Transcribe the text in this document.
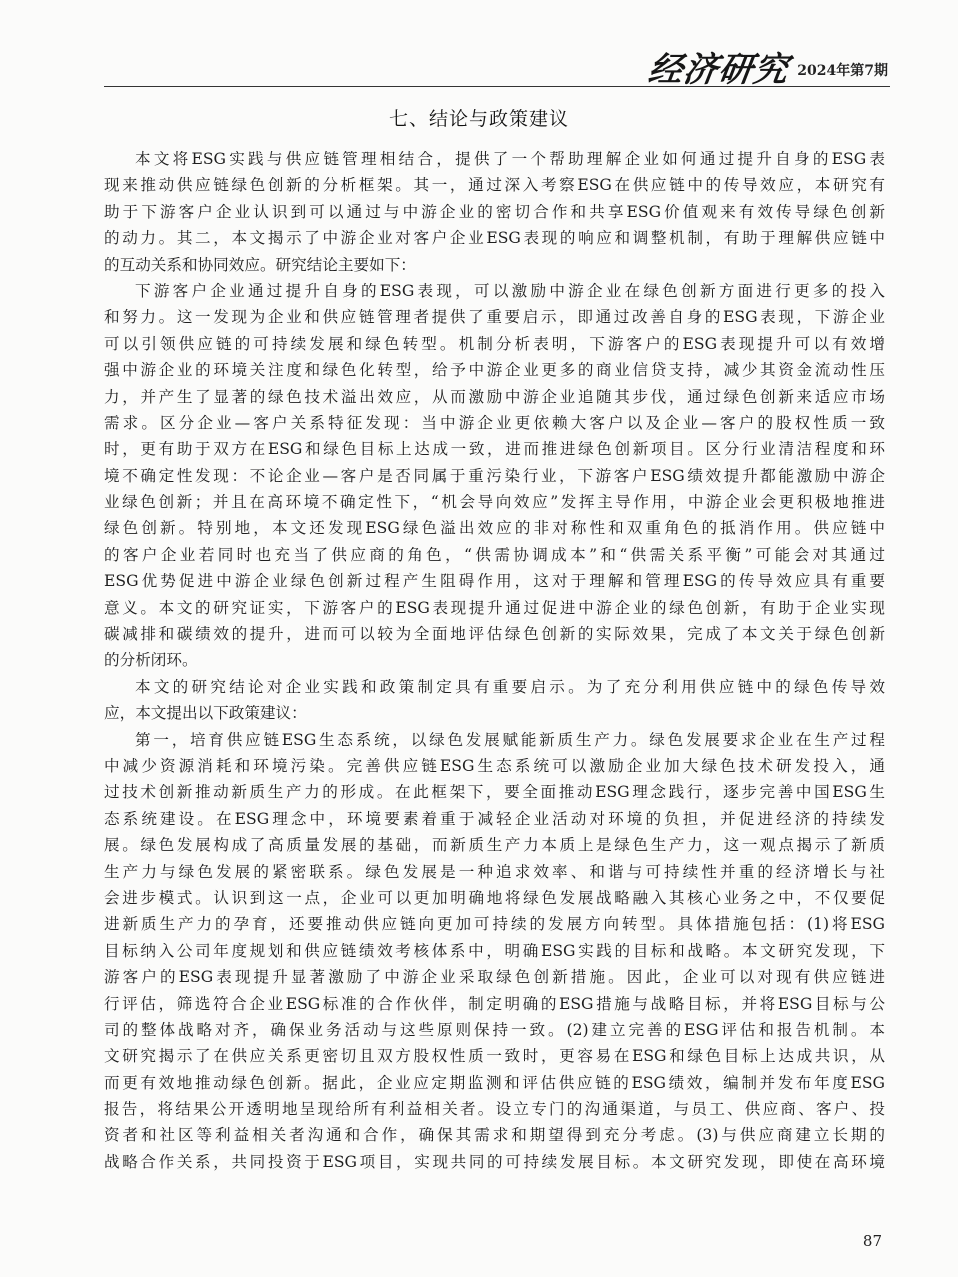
经济研究 2024年第7期
七、结论与政策建议
本文将ESG实践与供应链管理相结合，提供了一个帮助理解企业如何通过提升自身的ESG表
现来推动供应链绿色创新的分析框架。其一，通过深入考察ESG在供应链中的传导效应，本研究有
助于下游客户企业认识到可以通过与中游企业的密切合作和共享ESG价值观来有效传导绿色创新
的动力。其二，本文揭示了中游企业对客户企业ESG表现的响应和调整机制，有助于理解供应链中
的互动关系和协同效应。研究结论主要如下：
下游客户企业通过提升自身的ESG表现，可以激励中游企业在绿色创新方面进行更多的投入
和努力。这一发现为企业和供应链管理者提供了重要启示，即通过改善自身的ESG表现，下游企业
可以引领供应链的可持续发展和绿色转型。机制分析表明，下游客户的ESG表现提升可以有效增
强中游企业的环境关注度和绿色化转型，给予中游企业更多的商业信贷支持，减少其资金流动性压
力，并产生了显著的绿色技术溢出效应，从而激励中游企业追随其步伐，通过绿色创新来适应市场
需求。区分企业—客户关系特征发现：当中游企业更依赖大客户以及企业—客户的股权性质一致
时，更有助于双方在ESG和绿色目标上达成一致，进而推进绿色创新项目。区分行业清洁程度和环
境不确定性发现：不论企业—客户是否同属于重污染行业，下游客户ESG绩效提升都能激励中游企
业绿色创新；并且在高环境不确定性下，“机会导向效应”发挥主导作用，中游企业会更积极地推进
绿色创新。特别地，本文还发现ESG绿色溢出效应的非对称性和双重角色的抵消作用。供应链中
的客户企业若同时也充当了供应商的角色，“供需协调成本”和“供需关系平衡”可能会对其通过
ESG优势促进中游企业绿色创新过程产生阻碍作用，这对于理解和管理ESG的传导效应具有重要
意义。本文的研究证实，下游客户的ESG表现提升通过促进中游企业的绿色创新，有助于企业实现
碳减排和碳绩效的提升，进而可以较为全面地评估绿色创新的实际效果，完成了本文关于绿色创新
的分析闭环。
本文的研究结论对企业实践和政策制定具有重要启示。为了充分利用供应链中的绿色传导效
应，本文提出以下政策建议：
第一，培育供应链ESG生态系统，以绿色发展赋能新质生产力。绿色发展要求企业在生产过程
中减少资源消耗和环境污染。完善供应链ESG生态系统可以激励企业加大绿色技术研发投入，通
过技术创新推动新质生产力的形成。在此框架下，要全面推动ESG理念践行，逐步完善中国ESG生
态系统建设。在ESG理念中，环境要素着重于减轻企业活动对环境的负担，并促进经济的持续发
展。绿色发展构成了高质量发展的基础，而新质生产力本质上是绿色生产力，这一观点揭示了新质
生产力与绿色发展的紧密联系。绿色发展是一种追求效率、和谐与可持续性并重的经济增长与社
会进步模式。认识到这一点，企业可以更加明确地将绿色发展战略融入其核心业务之中，不仅要促
进新质生产力的孕育，还要推动供应链向更加可持续的发展方向转型。具体措施包括：(1)将ESG
目标纳入公司年度规划和供应链绩效考核体系中，明确ESG实践的目标和战略。本文研究发现，下
游客户的ESG表现提升显著激励了中游企业采取绿色创新措施。因此，企业可以对现有供应链进
行评估，筛选符合企业ESG标准的合作伙伴，制定明确的ESG措施与战略目标，并将ESG目标与公
司的整体战略对齐，确保业务活动与这些原则保持一致。(2)建立完善的ESG评估和报告机制。本
文研究揭示了在供应关系更密切且双方股权性质一致时，更容易在ESG和绿色目标上达成共识，从
而更有效地推动绿色创新。据此，企业应定期监测和评估供应链的ESG绩效，编制并发布年度ESG
报告，将结果公开透明地呈现给所有利益相关者。设立专门的沟通渠道，与员工、供应商、客户、投
资者和社区等利益相关者沟通和合作，确保其需求和期望得到充分考虑。(3)与供应商建立长期的
战略合作关系，共同投资于ESG项目，实现共同的可持续发展目标。本文研究发现，即使在高环境
87
